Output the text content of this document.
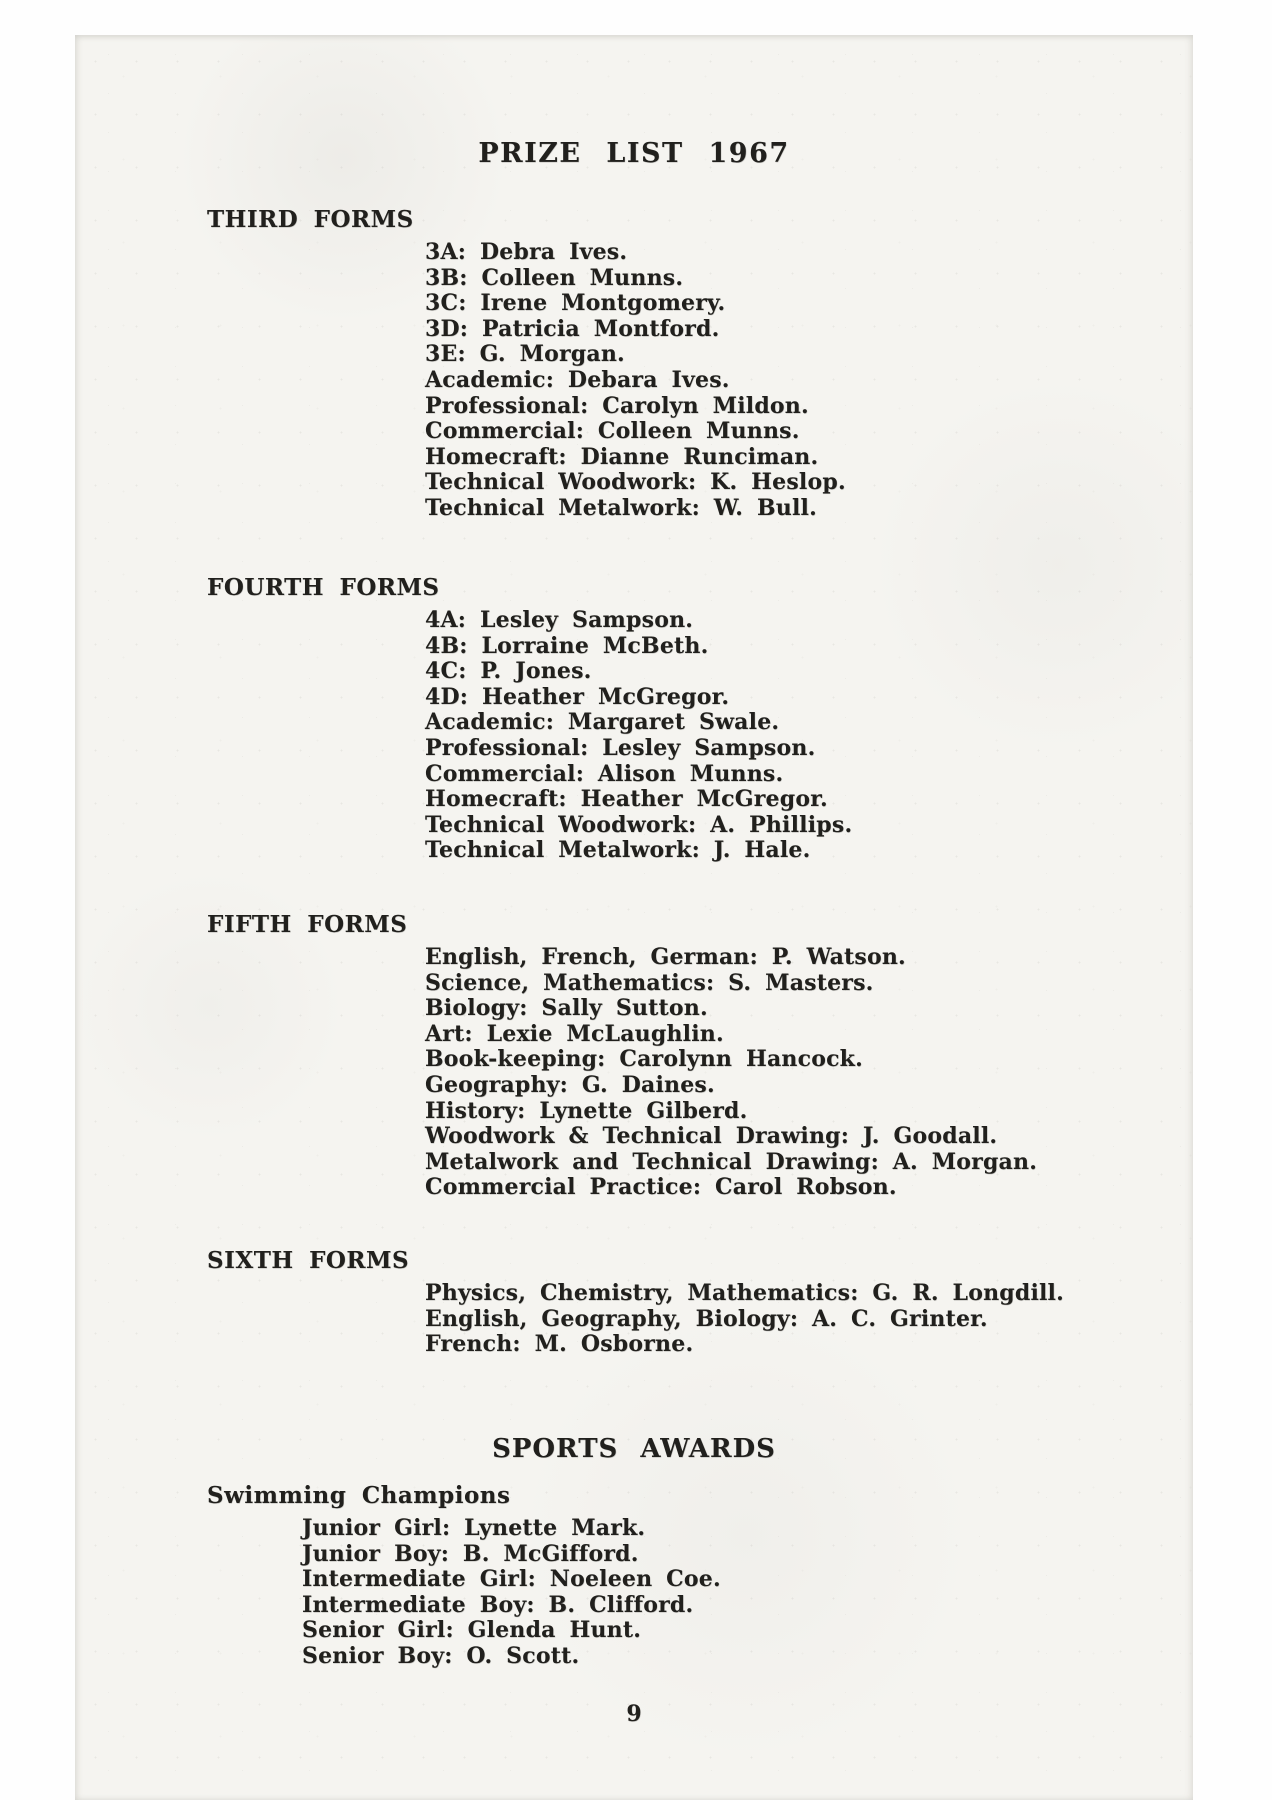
PRIZE LIST 1967
THIRD FORMS
3A: Debra Ives.
3B: Colleen Munns.
3C: Irene Montgomery.
3D: Patricia Montford.
3E: G. Morgan.
Academic: Debara Ives.
Professional: Carolyn Mildon.
Commercial: Colleen Munns.
Homecraft: Dianne Runciman.
Technical Woodwork: K. Heslop.
Technical Metalwork: W. Bull.
FOURTH FORMS
4A: Lesley Sampson.
4B: Lorraine McBeth.
4C: P. Jones.
4D: Heather McGregor.
Academic: Margaret Swale.
Professional: Lesley Sampson.
Commercial: Alison Munns.
Homecraft: Heather McGregor.
Technical Woodwork: A. Phillips.
Technical Metalwork: J. Hale.
FIFTH FORMS
English, French, German: P. Watson.
Science, Mathematics: S. Masters.
Biology: Sally Sutton.
Art: Lexie McLaughlin.
Book-keeping: Carolynn Hancock.
Geography: G. Daines.
History: Lynette Gilberd.
Woodwork & Technical Drawing: J. Goodall.
Metalwork and Technical Drawing: A. Morgan.
Commercial Practice: Carol Robson.
SIXTH FORMS
Physics, Chemistry, Mathematics: G. R. Longdill.
English, Geography, Biology: A. C. Grinter.
French: M. Osborne.
SPORTS AWARDS
Swimming Champions
Junior Girl: Lynette Mark.
Junior Boy: B. McGifford.
Intermediate Girl: Noeleen Coe.
Intermediate Boy: B. Clifford.
Senior Girl: Glenda Hunt.
Senior Boy: O. Scott.
9
